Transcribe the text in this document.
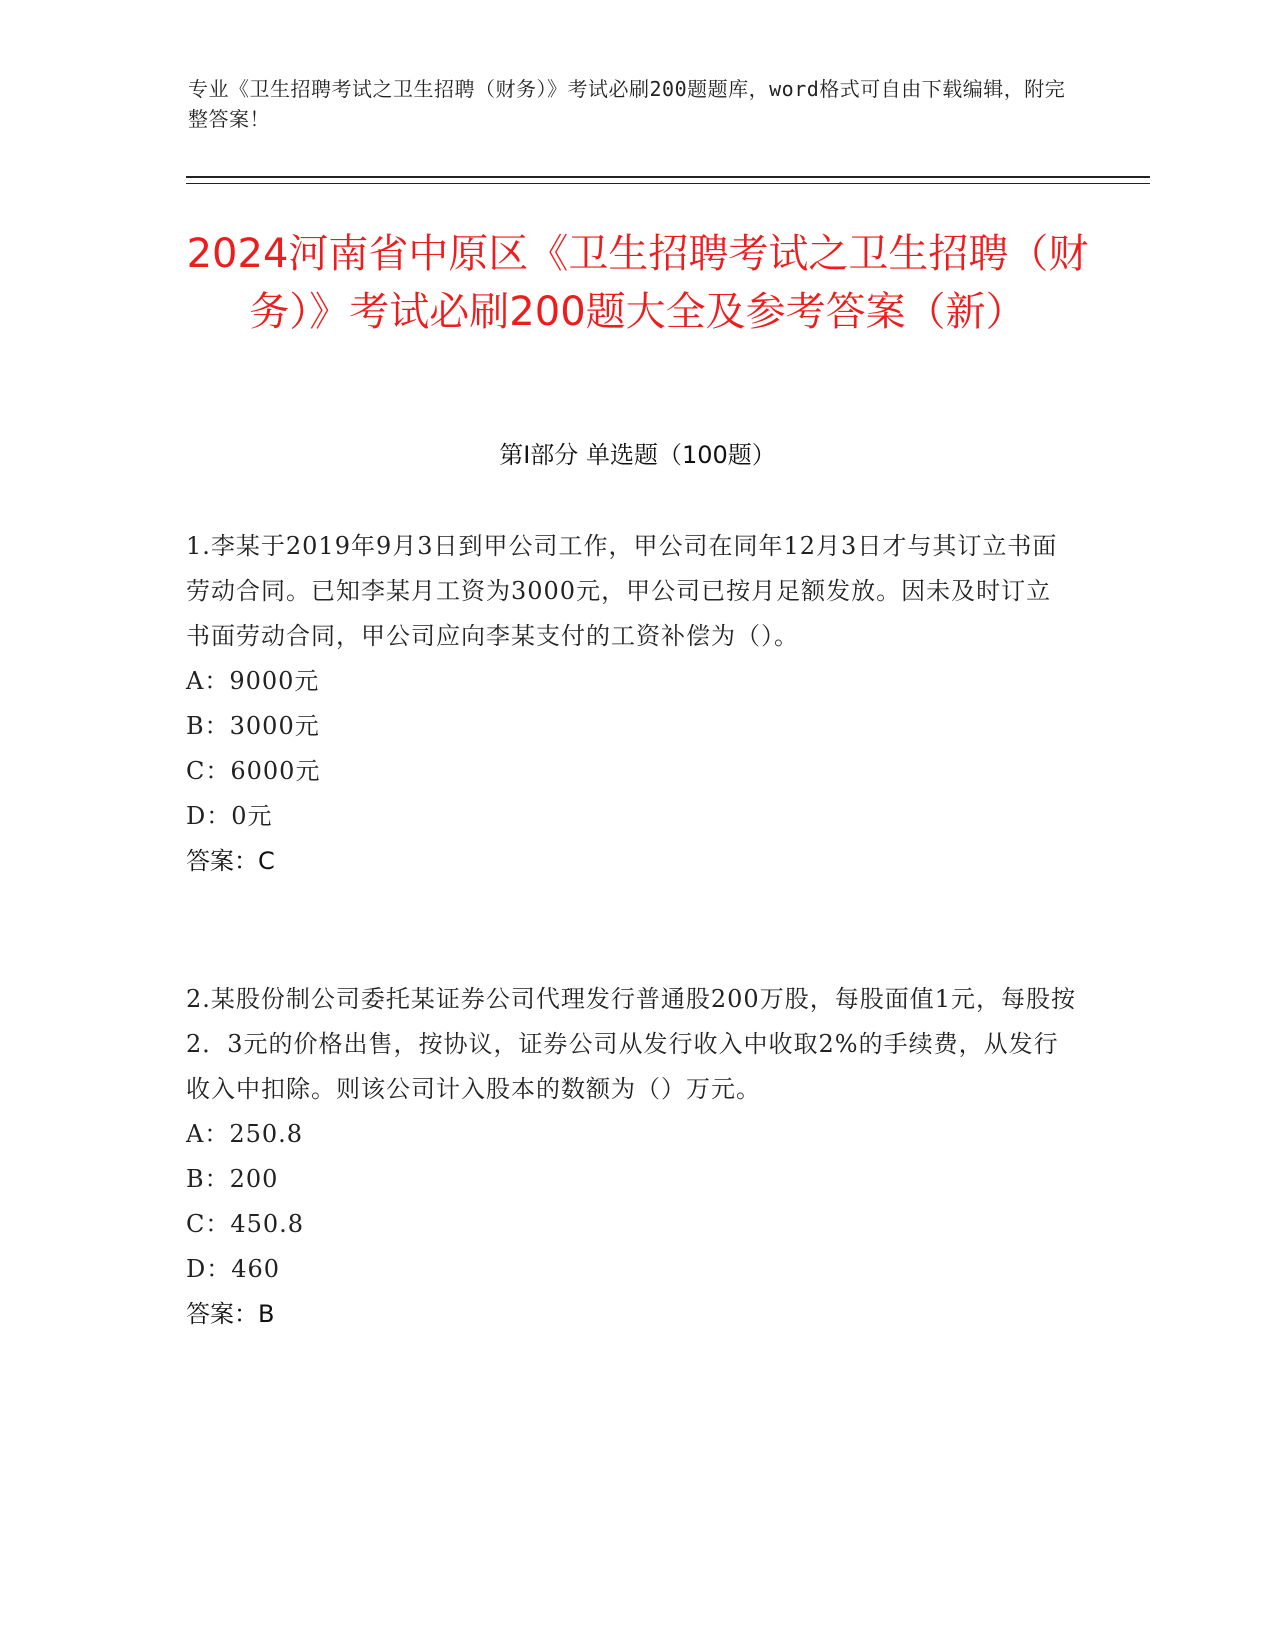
专业《卫生招聘考试之卫生招聘（财务）》考试必刷200题题库，word格式可自由下载编辑，附完整答案！
2024河南省中原区《卫生招聘考试之卫生招聘（财务）》考试必刷200题大全及参考答案（新）
第Ⅰ部分 单选题（100题）

1.李某于2019年9月3日到甲公司工作，甲公司在同年12月3日才与其订立书面劳动合同。已知李某月工资为3000元，甲公司已按月足额发放。因未及时订立书面劳动合同，甲公司应向李某支付的工资补偿为（）。

A：9000元

B：3000元

C：6000元

D：0元

答案：C

2.某股份制公司委托某证券公司代理发行普通股200万股，每股面值1元，每股按2．3元的价格出售，按协议，证券公司从发行收入中收取2%的手续费，从发行收入中扣除。则该公司计入股本的数额为（）万元。

A：250.8

B：200

C：450.8

D：460

答案：B
